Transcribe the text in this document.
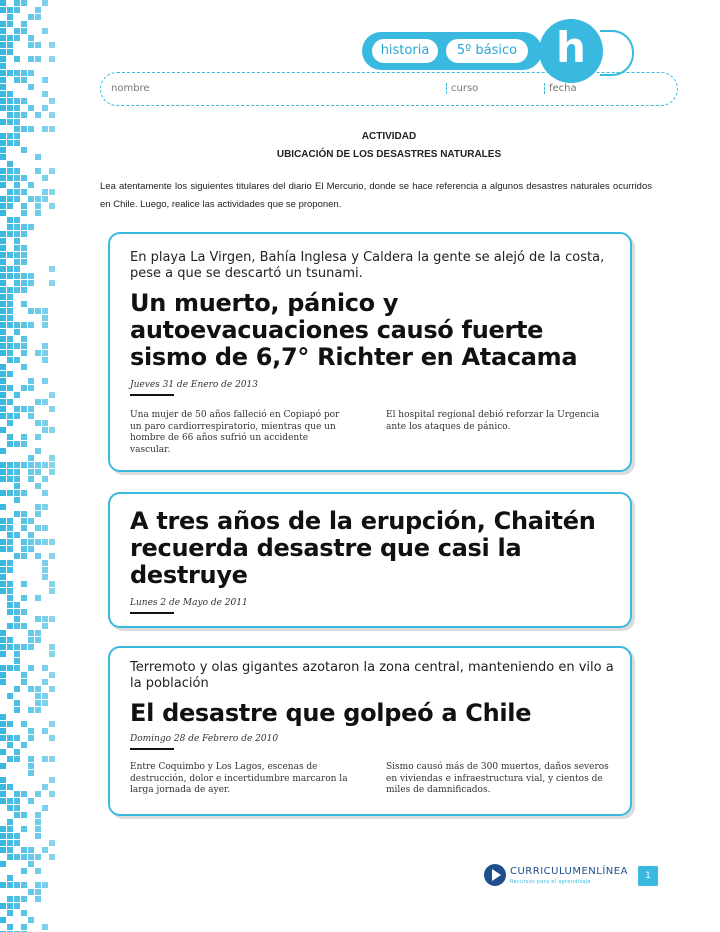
historia	5º básico h
nombre	curso	fecha
ACTIVIDAD
UBICACIÓN DE LOS DESASTRES NATURALES
Lea atentamente los siguientes titulares del diario El Mercurio, donde se hace referencia a algunos desastres naturales ocurridos en Chile. Luego, realice las actividades que se proponen.
En playa La Virgen, Bahía Inglesa y Caldera la gente se alejó de la costa, pese a que se descartó un tsunami.
Un muerto, pánico y autoevacuaciones causó fuerte sismo de 6,7° Richter en Atacama
Jueves 31 de Enero de 2013
Una mujer de 50 años falleció en Copiapó por un paro cardiorrespiratorio, mientras que un hombre de 66 años sufrió un accidente vascular.
El hospital regional debió reforzar la Urgencia ante los ataques de pánico.
A tres años de la erupción, Chaitén recuerda desastre que casi la destruye
Lunes 2 de Mayo de 2011
Terremoto y olas gigantes azotaron la zona central, manteniendo en vilo a la población
El desastre que golpeó a Chile
Domingo 28 de Febrero de 2010
Entre Coquimbo y Los Lagos, escenas de destrucción, dolor e incertidumbre marcaron la larga jornada de ayer.
Sismo causó más de 300 muertos, daños severos en viviendas e infraestructura vial, y cientos de miles de damnificados.
CURRICULUMENLÍNEA
Recursos para el aprendizaje
1
